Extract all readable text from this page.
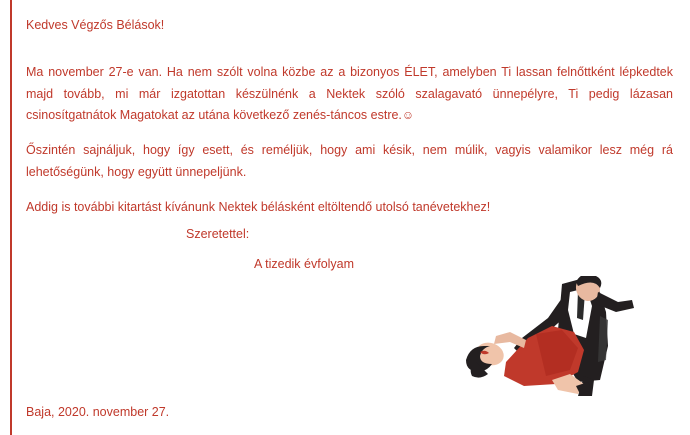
Kedves Végzős Bélások!
Ma november 27-e van. Ha nem szólt volna közbe az a bizonyos ÉLET, amelyben Ti lassan felnőttként lépkedtek majd tovább, mi már izgatottan készülnénk a Nektek szóló szalagavató ünnepélyre, Ti pedig lázasan csinosítgatnátok Magatokat az utána következő zenés-táncos estre.☺
Őszintén sajnáljuk, hogy így esett, és reméljük, hogy ami késik, nem múlik, vagyis valamikor lesz még rá lehetőségünk, hogy együtt ünnepeljünk.
Addig is további kitartást kívánunk Nektek bélásként eltöltendő utolsó tanévetekhez!
Szeretettel:
A tizedik évfolyam
Baja, 2020. november 27.
